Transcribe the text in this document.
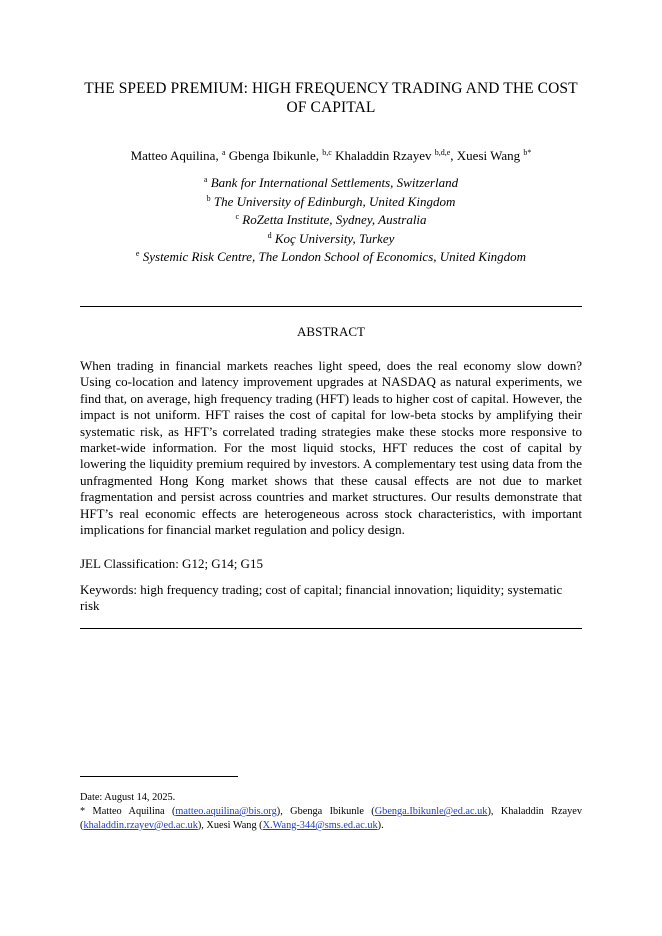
THE SPEED PREMIUM: HIGH FREQUENCY TRADING AND THE COST OF CAPITAL
Matteo Aquilina, $^a$ Gbenga Ibikunle, $^{b,c}$ Khaladdin Rzayev $^{b,d,e}$, Xuesi Wang $^{b*}$
$^a$ Bank for International Settlements, Switzerland
$^b$ The University of Edinburgh, United Kingdom
$^c$ RoZetta Institute, Sydney, Australia
$^d$ Koç University, Turkey
$^e$ Systemic Risk Centre, The London School of Economics, United Kingdom
ABSTRACT

When trading in financial markets reaches light speed, does the real economy slow down? Using co-location and latency improvement upgrades at NASDAQ as natural experiments, we find that, on average, high frequency trading (HFT) leads to higher cost of capital. However, the impact is not uniform. HFT raises the cost of capital for low-beta stocks by amplifying their systematic risk, as HFT’s correlated trading strategies make these stocks more responsive to market-wide information. For the most liquid stocks, HFT reduces the cost of capital by lowering the liquidity premium required by investors. A complementary test using data from the unfragmented Hong Kong market shows that these causal effects are not due to market fragmentation and persist across countries and market structures. Our results demonstrate that HFT’s real economic effects are heterogeneous across stock characteristics, with important implications for financial market regulation and policy design.

JEL Classification: G12; G14; G15
Keywords: high frequency trading; cost of capital; financial innovation; liquidity; systematic risk
Date: August 14, 2025.
* Matteo Aquilina (matteo.aquilina@bis.org), Gbenga Ibikunle (Gbenga.Ibikunle@ed.ac.uk), Khaladdin Rzayev (khaladdin.rzayev@ed.ac.uk), Xuesi Wang (X.Wang-344@sms.ed.ac.uk).
